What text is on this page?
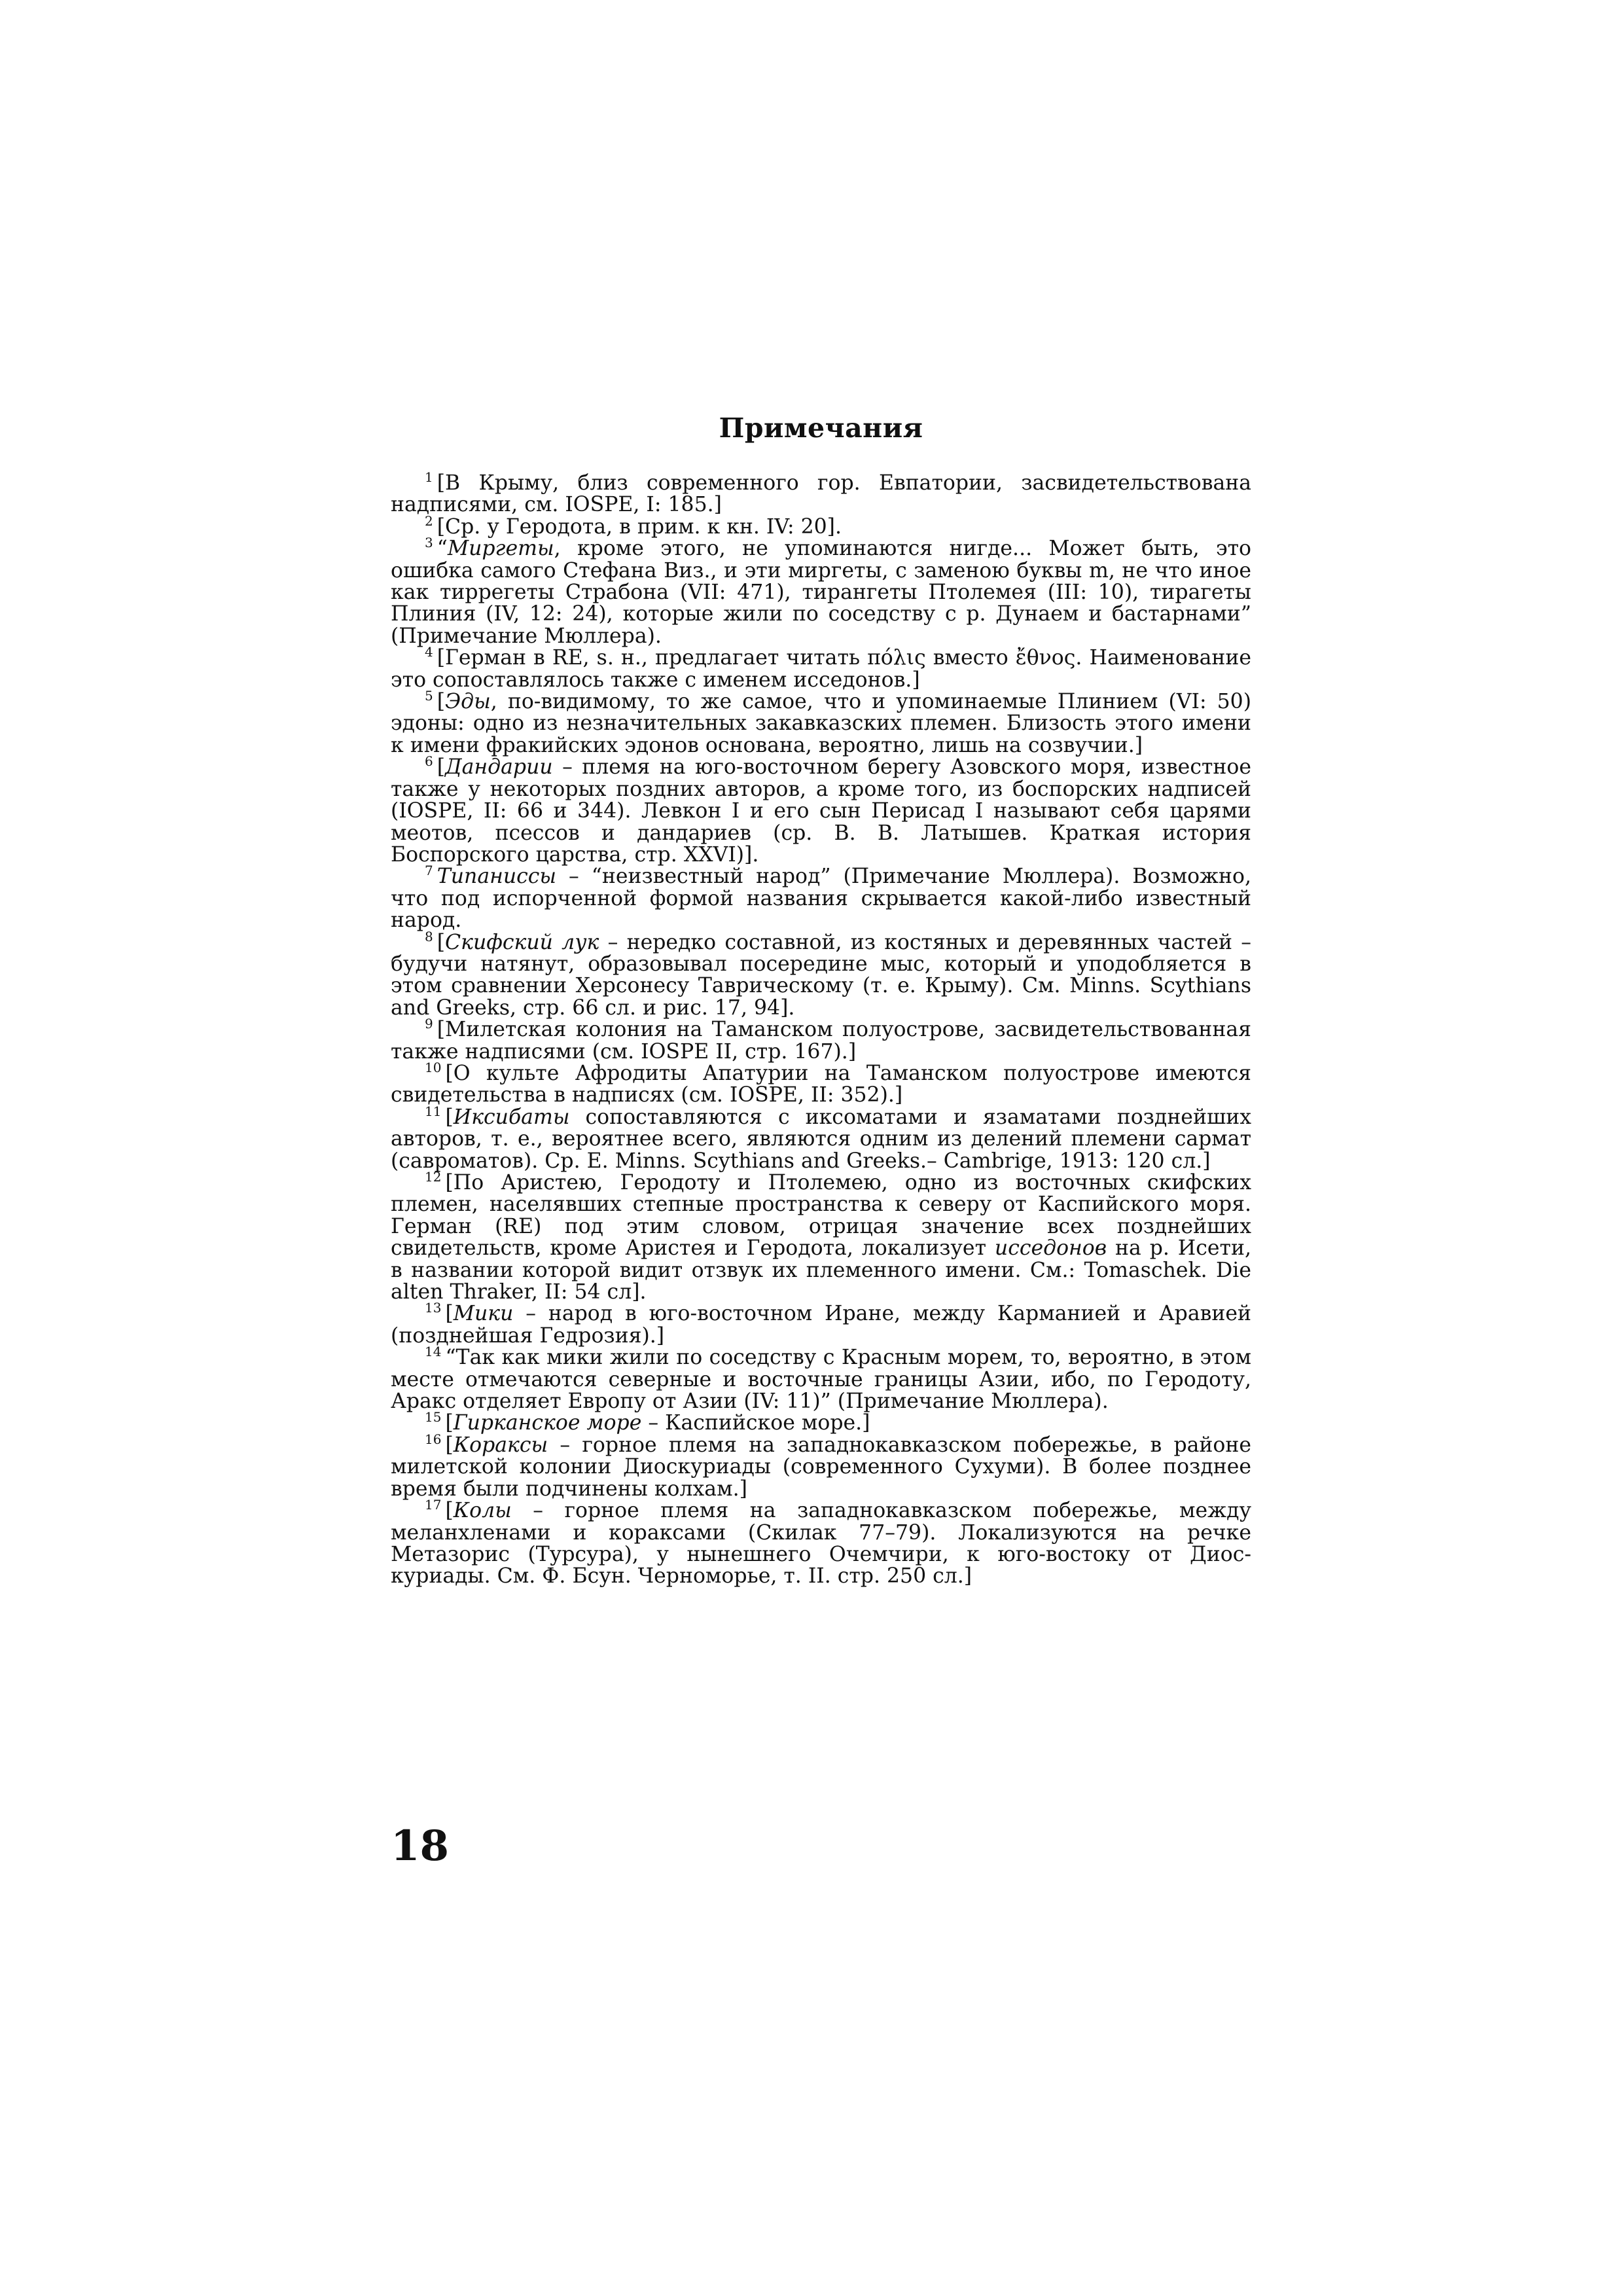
Примечания

$^1$ [В Крыму, близ современного гор. Евпатории, засвидетельствована надписями, см. IOSPE, I: 185.]

$^2$ [Ср. у Геродота, в прим. к кн. IV: 20].

$^3$ “Миргеты, кроме этого, не упоминаются нигде... Может быть, это ошибка самого Стефана Виз., и эти миргеты, с заменою буквы m, не что иное как тиррегеты Страбона (VII: 471), тирангеты Птолемея (III: 10), тирагеты Плиния (IV, 12: 24), которые жили по соседству с р. Дунаем и бастарнами” (Примечание Мюллера).

$^4$ [Герман в RE, s. н., предлагает читать πόλις вместо ἔθνος. Наименование это сопоставлялось также с именем исседонов.]

$^5$ [Эды, по-видимому, то же самое, что и упоминаемые Плинием (VI: 50) эдоны: одно из незначительных закавказских племен. Близость этого имени к имени фракийских эдонов основана, вероятно, лишь на созвучии.]

$^6$ [Дандарии – племя на юго-восточном берегу Азовского моря, известное также у некоторых поздних авторов, а кроме того, из боспорских надписей (IOSPE, II: 66 и 344). Левкон I и его сын Перисад I называют себя царями меотов, псессов и дандариев (ср. В. В. Латышев. Краткая история Боспорского царства, стр. XXVI)].

$^7$ Типаниссы – “неизвестный народ” (Примечание Мюллера). Возможно, что под испорченной формой названия скрывается какой-либо известный народ.

$^8$ [Скифский лук – нередко составной, из костяных и деревянных частей – будучи натянут, образовывал посередине мыс, который и уподобляется в этом сравнении Херсонесу Таврическому (т. е. Крыму). См. Minns. Scythians and Greeks, стр. 66 сл. и рис. 17, 94].

$^9$ [Милетская колония на Таманском полуострове, засвидетельствованная также надписями (см. IOSPE II, стр. 167).]

$^{10}$ [О культе Афродиты Апатурии на Таманском полуострове имеются свидетельства в надписях (см. IOSPE, II: 352).]

$^{11}$ [Иксибаты сопоставляются с иксоматами и язаматами позднейших авторов, т. е., вероятнее всего, являются одним из делений племени сармат (савроматов). Ср. E. Minns. Scythians and Greeks.– Cambrige, 1913: 120 сл.]

$^{12}$ [По Аристею, Геродоту и Птолемею, одно из восточных скифских племен, населявших степные пространства к северу от Каспийского моря. Герман (RE) под этим словом, отрицая значение всех позднейших свидетельств, кроме Аристея и Геродота, локализует исседонов на р. Исети, в названии которой видит отзвук их племенного имени. См.: Tomaschek. Die alten Thraker, II: 54 сл].

$^{13}$ [Мики – народ в юго-восточном Иране, между Карманией и Аравией (позднейшая Гедрозия).]

$^{14}$ “Так как мики жили по соседству с Красным морем, то, вероятно, в этом месте отмечаются северные и восточные границы Азии, ибо, по Геродоту, Аракс отделяет Европу от Азии (IV: 11)” (Примечание Мюллера).

$^{15}$ [Гирканское море – Каспийское море.]

$^{16}$ [Кораксы – горное племя на западнокавказском побережье, в районе милетской колонии Диоскуриады (современного Сухуми). В более позднее время были подчинены колхам.]

$^{17}$ [Колы – горное племя на западнокавказском побережье, между меланхленами и кораксами (Скилак 77–79). Локализуются на речке Метазорис (Турсура), у нынешнего Очемчири, к юго-востоку от Диоскуриады. См. Ф. Бсун. Черноморье, т. II. стр. 250 сл.]

18
